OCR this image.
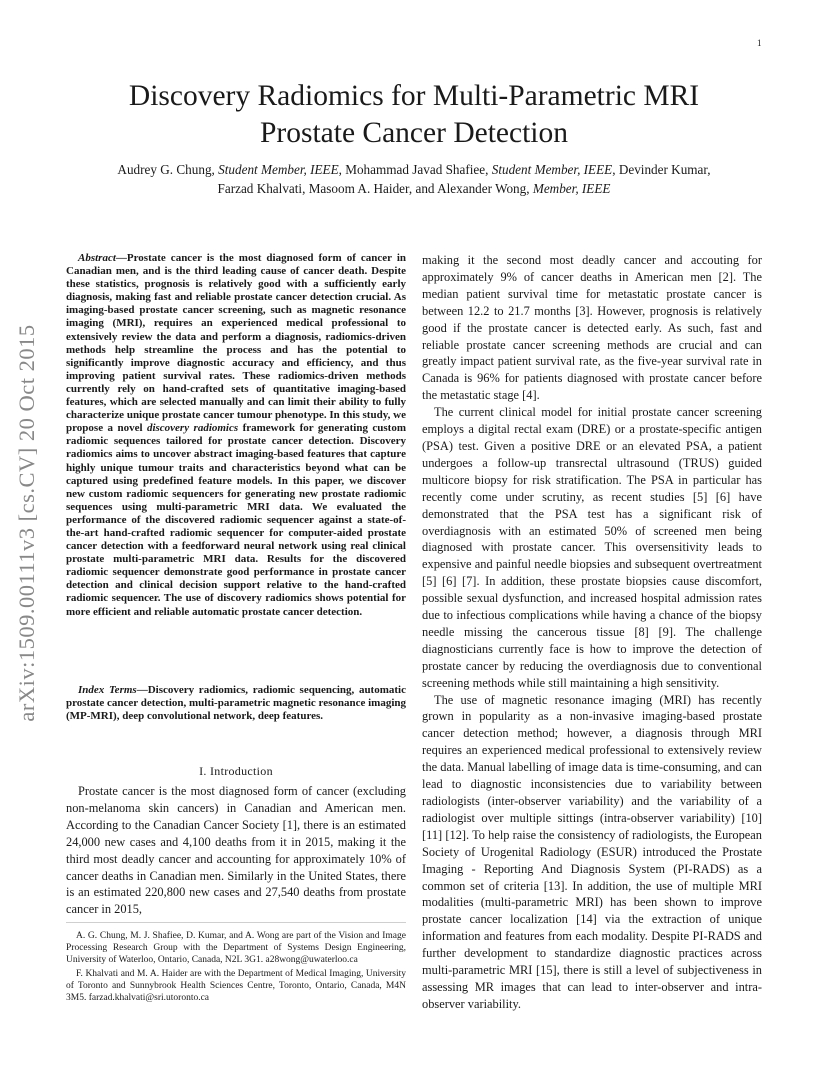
1
arXiv:1509.00111v3 [cs.CV] 20 Oct 2015
Discovery Radiomics for Multi-Parametric MRI
Prostate Cancer Detection
Audrey G. Chung, Student Member, IEEE, Mohammad Javad Shafiee, Student Member, IEEE, Devinder Kumar,
Farzad Khalvati, Masoom A. Haider, and Alexander Wong, Member, IEEE

Abstract—Prostate cancer is the most diagnosed form of cancer in Canadian men, and is the third leading cause of cancer death. Despite these statistics, prognosis is relatively good with a sufficiently early diagnosis, making fast and reliable prostate cancer detection crucial. As imaging-based prostate cancer screening, such as magnetic resonance imaging (MRI), requires an experienced medical professional to extensively review the data and perform a diagnosis, radiomics-driven methods help streamline the process and has the potential to significantly improve diagnostic accuracy and efficiency, and thus improving patient survival rates. These radiomics-driven methods currently rely on hand-crafted sets of quantitative imaging-based features, which are selected manually and can limit their ability to fully characterize unique prostate cancer tumour phenotype. In this study, we propose a novel discovery radiomics framework for generating custom radiomic sequences tailored for prostate cancer detection. Discovery radiomics aims to uncover abstract imaging-based features that capture highly unique tumour traits and characteristics beyond what can be captured using predefined feature models. In this paper, we discover new custom radiomic sequencers for generating new prostate radiomic sequences using multi-parametric MRI data. We evaluated the performance of the discovered radiomic sequencer against a state-of-the-art hand-crafted radiomic sequencer for computer-aided prostate cancer detection with a feedforward neural network using real clinical prostate multi-parametric MRI data. Results for the discovered radiomic sequencer demonstrate good performance in prostate cancer detection and clinical decision support relative to the hand-crafted radiomic sequencer. The use of discovery radiomics shows potential for more efficient and reliable automatic prostate cancer detection.

Index Terms—Discovery radiomics, radiomic sequencing, automatic prostate cancer detection, multi-parametric magnetic resonance imaging (MP-MRI), deep convolutional network, deep features.

I. Introduction

Prostate cancer is the most diagnosed form of cancer (excluding non-melanoma skin cancers) in Canadian and American men. According to the Canadian Cancer Society [1], there is an estimated 24,000 new cases and 4,100 deaths from it in 2015, making it the third most deadly cancer and accounting for approximately 10% of cancer deaths in Canadian men. Similarly in the United States, there is an estimated 220,800 new cases and 27,540 deaths from prostate cancer in 2015,

A. G. Chung, M. J. Shafiee, D. Kumar, and A. Wong are part of the Vision and Image Processing Research Group with the Department of Systems Design Engineering, University of Waterloo, Ontario, Canada, N2L 3G1. a28wong@uwaterloo.ca

F. Khalvati and M. A. Haider are with the Department of Medical Imaging, University of Toronto and Sunnybrook Health Sciences Centre, Toronto, Ontario, Canada, M4N 3M5. farzad.khalvati@sri.utoronto.ca

making it the second most deadly cancer and accouting for approximately 9% of cancer deaths in American men [2]. The median patient survival time for metastatic prostate cancer is between 12.2 to 21.7 months [3]. However, prognosis is relatively good if the prostate cancer is detected early. As such, fast and reliable prostate cancer screening methods are crucial and can greatly impact patient survival rate, as the five-year survival rate in Canada is 96% for patients diagnosed with prostate cancer before the metastatic stage [4].

The current clinical model for initial prostate cancer screening employs a digital rectal exam (DRE) or a prostate-specific antigen (PSA) test. Given a positive DRE or an elevated PSA, a patient undergoes a follow-up transrectal ultrasound (TRUS) guided multicore biopsy for risk stratification. The PSA in particular has recently come under scrutiny, as recent studies [5] [6] have demonstrated that the PSA test has a significant risk of overdiagnosis with an estimated 50% of screened men being diagnosed with prostate cancer. This oversensitivity leads to expensive and painful needle biopsies and subsequent overtreatment [5] [6] [7]. In addition, these prostate biopsies cause discomfort, possible sexual dysfunction, and increased hospital admission rates due to infectious complications while having a chance of the biopsy needle missing the cancerous tissue [8] [9]. The challenge diagnosticians currently face is how to improve the detection of prostate cancer by reducing the overdiagnosis due to conventional screening methods while still maintaining a high sensitivity.

The use of magnetic resonance imaging (MRI) has recently grown in popularity as a non-invasive imaging-based prostate cancer detection method; however, a diagnosis through MRI requires an experienced medical professional to extensively review the data. Manual labelling of image data is time-consuming, and can lead to diagnostic inconsistencies due to variability between radiologists (inter-observer variability) and the variability of a radiologist over multiple sittings (intra-observer variability) [10] [11] [12]. To help raise the consistency of radiologists, the European Society of Urogenital Radiology (ESUR) introduced the Prostate Imaging - Reporting And Diagnosis System (PI-RADS) as a common set of criteria [13]. In addition, the use of multiple MRI modalities (multi-parametric MRI) has been shown to improve prostate cancer localization [14] via the extraction of unique information and features from each modality. Despite PI-RADS and further development to standardize diagnostic practices across multi-parametric MRI [15], there is still a level of subjectiveness in assessing MR images that can lead to inter-observer and intra-observer variability.
